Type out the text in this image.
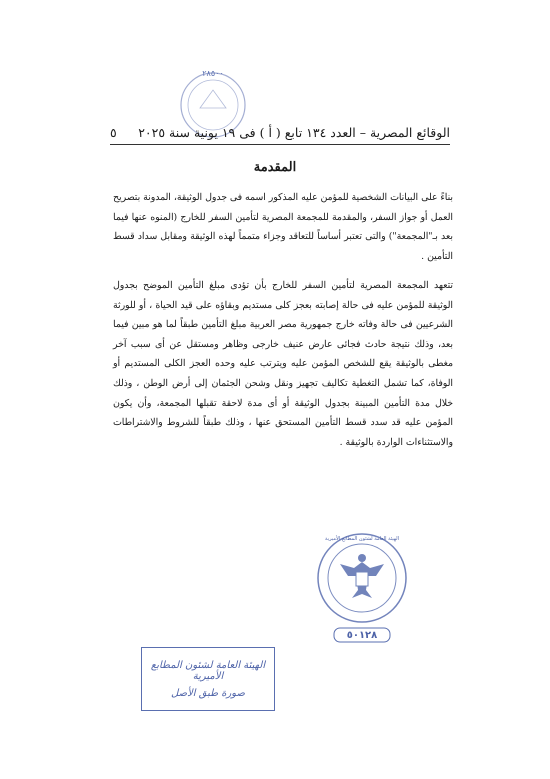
٢٨٥٠٠
الوقائع المصرية – العدد ١٣٤ تابع ( أ ) فى ١٩ يونية سنة ٢٠٢٥
٥
المقدمة
بناءً على البيانات الشخصية للمؤمن عليه المذكور اسمه فى جدول الوثيقة، المدونة بتصريح العمل أو جواز السفر، والمقدمة للمجمعة المصرية لتأمين السفر للخارج (المنوه عنها فيما بعد بـ"المجمعة") والتى تعتبر أساساً للتعاقد وجزاء متمماً لهذه الوثيقة ومقابل سداد قسط التأمين .
تتعهد المجمعة المصرية لتأمين السفر للخارج بأن تؤدى مبلغ التأمين الموضح بجدول الوثيقة للمؤمن عليه فى حالة إصابته بعجز كلى مستديم وبقاؤه على قيد الحياة ، أو للورثة الشرعيين فى حالة وفاته خارج جمهورية مصر العربية مبلغ التأمين طبقاً لما هو مبين فيما بعد، وذلك نتيجة حادث فجائى عارض عنيف خارجى وظاهر ومستقل عن أى سبب آخر مغطى بالوثيقة يقع للشخص المؤمن عليه ويترتب عليه وحده العجز الكلى المستديم أو الوفاة، كما تشمل التغطية تكاليف تجهيز ونقل وشحن الجثمان إلى أرض الوطن ، وذلك خلال مدة التأمين المبينة بجدول الوثيقة أو أى مدة لاحقة تقبلها المجمعة، وأن يكون المؤمن عليه قد سدد قسط التأمين المستحق عنها ، وذلك طبقاً للشروط والاشتراطات والاستثناءات الواردة بالوثيقة .
٥٠١٢٨
الهيئة العامة لشئون المطابع الأميرية
الهيئة العامة لشئون المطابع الأميرية
صورة طبق الأصل
